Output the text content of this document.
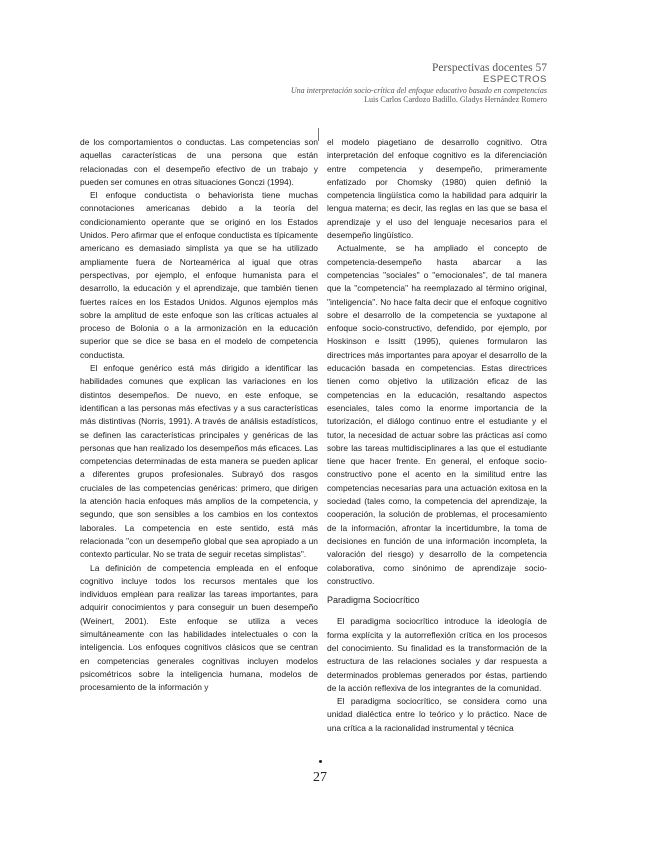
Perspectivas docentes 57
ESPECTROS
Una interpretación socio-crítica del enfoque educativo basado en competencias
Luis Carlos Cardozo Badillo. Gladys Hernández Romero

de los comportamientos o conductas. Las competencias son aquellas características de una persona que están relacionadas con el desempeño efectivo de un trabajo y pueden ser comunes en otras situaciones Gonczi (1994).

El enfoque conductista o behaviorista tiene muchas connotaciones americanas debido a la teoría del condicionamiento operante que se originó en los Estados Unidos. Pero afirmar que el enfoque conductista es típicamente americano es demasiado simplista ya que se ha utilizado ampliamente fuera de Norteamérica al igual que otras perspectivas, por ejemplo, el enfoque humanista para el desarrollo, la educación y el aprendizaje, que también tienen fuertes raíces en los Estados Unidos. Algunos ejemplos más sobre la amplitud de este enfoque son las críticas actuales al proceso de Bolonia o a la armonización en la educación superior que se dice se basa en el modelo de competencia conductista.

El enfoque genérico está más dirigido a identificar las habilidades comunes que explican las variaciones en los distintos desempeños. De nuevo, en este enfoque, se identifican a las personas más efectivas y a sus características más distintivas (Norris, 1991). A través de análisis estadísticos, se definen las características principales y genéricas de las personas que han realizado los desempeños más eficaces. Las competencias determinadas de esta manera se pueden aplicar a diferentes grupos profesionales. Subrayó dos rasgos cruciales de las competencias genéricas: primero, que dirigen la atención hacia enfoques más amplios de la competencia, y segundo, que son sensibles a los cambios en los contextos laborales. La competencia en este sentido, está más relacionada "con un desempeño global que sea apropiado a un contexto particular. No se trata de seguir recetas simplistas".

La definición de competencia empleada en el enfoque cognitivo incluye todos los recursos mentales que los individuos emplean para realizar las tareas importantes, para adquirir conocimientos y para conseguir un buen desempeño (Weinert, 2001). Este enfoque se utiliza a veces simultáneamente con las habilidades intelectuales o con la inteligencia. Los enfoques cognitivos clásicos que se centran en competencias generales cognitivas incluyen modelos psicométricos sobre la inteligencia humana, modelos de procesamiento de la información y

el modelo piagetiano de desarrollo cognitivo. Otra interpretación del enfoque cognitivo es la diferenciación entre competencia y desempeño, primeramente enfatizado por Chomsky (1980) quien definió la competencia lingüística como la habilidad para adquirir la lengua materna; es decir, las reglas en las que se basa el aprendizaje y el uso del lenguaje necesarios para el desempeño lingüístico.

Actualmente, se ha ampliado el concepto de competencia-desempeño hasta abarcar a las competencias "sociales" o "emocionales", de tal manera que la "competencia" ha reemplazado al término original, "inteligencia". No hace falta decir que el enfoque cognitivo sobre el desarrollo de la competencia se yuxtapone al enfoque socio-constructivo, defendido, por ejemplo, por Hoskinson e Issitt (1995), quienes formularon las directrices más importantes para apoyar el desarrollo de la educación basada en competencias. Estas directrices tienen como objetivo la utilización eficaz de las competencias en la educación, resaltando aspectos esenciales, tales como la enorme importancia de la tutorización, el diálogo continuo entre el estudiante y el tutor, la necesidad de actuar sobre las prácticas así como sobre las tareas multidisciplinares a las que el estudiante tiene que hacer frente. En general, el enfoque socio-constructivo pone el acento en la similitud entre las competencias necesarias para una actuación exitosa en la sociedad (tales como, la competencia del aprendizaje, la cooperación, la solución de problemas, el procesamiento de la información, afrontar la incertidumbre, la toma de decisiones en función de una información incompleta, la valoración del riesgo) y desarrollo de la competencia colaborativa, como sinónimo de aprendizaje socio-constructivo.

Paradigma Sociocrítico

El paradigma sociocrítico introduce la ideología de forma explícita y la autorreflexión crítica en los procesos del conocimiento. Su finalidad es la transformación de la estructura de las relaciones sociales y dar respuesta a determinados problemas generados por éstas, partiendo de la acción reflexiva de los integrantes de la comunidad.

El paradigma sociocrítico, se considera como una unidad dialéctica entre lo teórico y lo práctico. Nace de una crítica a la racionalidad instrumental y técnica

27
